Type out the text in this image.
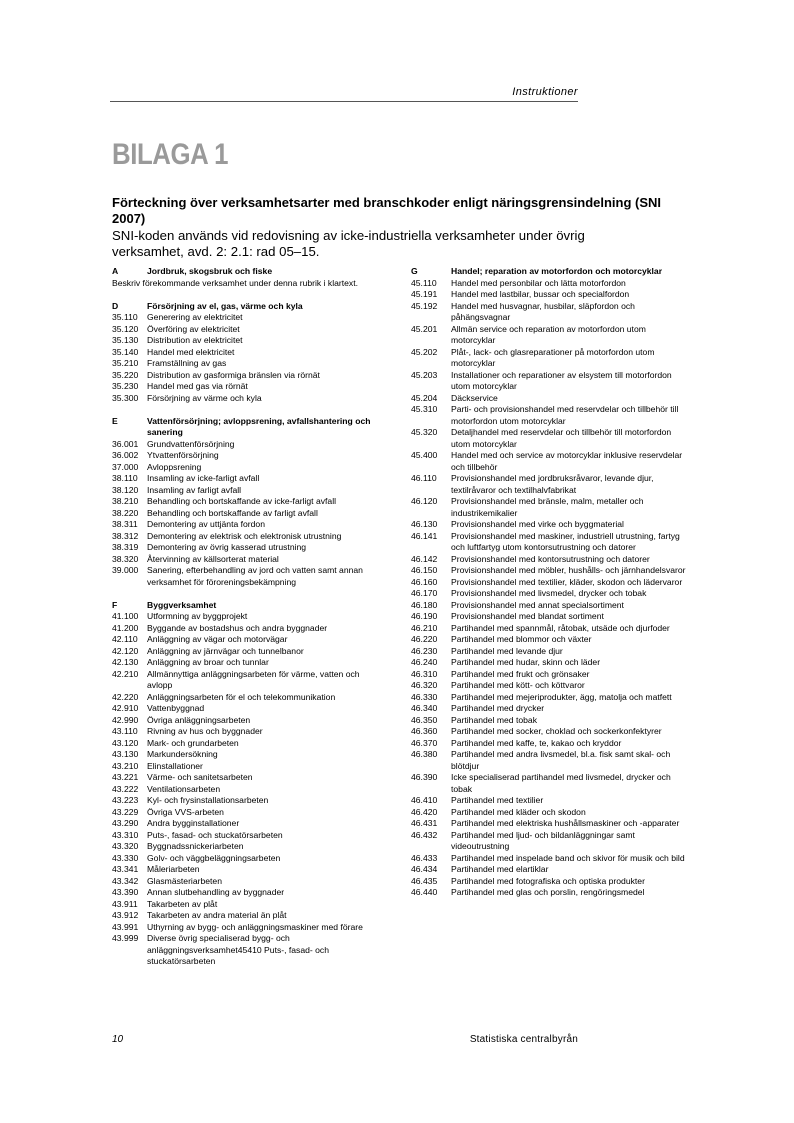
Instruktioner
BILAGA 1
Förteckning över verksamhetsarter med branschkoder enligt näringsgrensindelning (SNI 2007)
SNI-koden används vid redovisning av icke-industriella verksamheter under övrig verksamhet, avd. 2: 2.1: rad 05–15.
A	Jordbruk, skogsbruk och fiske
Beskriv förekommande verksamhet under denna rubrik i klartext.
D	Försörjning av el, gas, värme och kyla
35.110	Generering av elektricitet
35.120	Överföring av elektricitet
35.130	Distribution av elektricitet
35.140	Handel med elektricitet
35.210	Framställning av gas
35.220	Distribution av gasformiga bränslen via rörnät
35.230	Handel med gas via rörnät
35.300	Försörjning av värme och kyla
E	Vattenförsörjning; avloppsrening, avfallshantering och sanering
36.001	Grundvattenförsörjning
36.002	Ytvattenförsörjning
37.000	Avloppsrening
38.110	Insamling av icke-farligt avfall
38.120	Insamling av farligt avfall
38.210	Behandling och bortskaffande av icke-farligt avfall
38.220	Behandling och bortskaffande av farligt avfall
38.311	Demontering av uttjänta fordon
38.312	Demontering av elektrisk och elektronisk utrustning
38.319	Demontering av övrig kasserad utrustning
38.320	Återvinning av källsorterat material
39.000	Sanering, efterbehandling av jord och vatten samt annan verksamhet för föroreningsbekämpning
F	Byggverksamhet
41.100	Utformning av byggprojekt
41.200	Byggande av bostadshus och andra byggnader
42.110	Anläggning av vägar och motorvägar
42.120	Anläggning av järnvägar och tunnelbanor
42.130	Anläggning av broar och tunnlar
42.210	Allmännyttiga anläggningsarbeten för värme, vatten och avlopp
42.220	Anläggningsarbeten för el och telekommunikation
42.910	Vattenbyggnad
42.990	Övriga anläggningsarbeten
43.110	Rivning av hus och byggnader
43.120	Mark- och grundarbeten
43.130	Markundersökning
43.210	Elinstallationer
43.221	Värme- och sanitetsarbeten
43.222	Ventilationsarbeten
43.223	Kyl- och frysinstallationsarbeten
43.229	Övriga VVS-arbeten
43.290	Andra bygginstallationer
43.310	Puts-, fasad- och stuckatörsarbeten
43.320	Byggnadssnickeriarbeten
43.330	Golv- och väggbeläggningsarbeten
43.341	Måleriarbeten
43.342	Glasmästeriarbeten
43.390	Annan slutbehandling av byggnader
43.911	Takarbeten av plåt
43.912	Takarbeten av andra material än plåt
43.991	Uthyrning av bygg- och anläggningsmaskiner med förare
43.999	Diverse övrig specialiserad bygg- och anläggningsverksamhet45410 Puts-, fasad- och stuckatörsarbeten
G	Handel; reparation av motorfordon och motorcyklar
45.110	Handel med personbilar och lätta motorfordon
45.191	Handel med lastbilar, bussar och specialfordon
45.192	Handel med husvagnar, husbilar, släpfordon och påhängsvagnar
45.201	Allmän service och reparation av motorfordon utom motorcyklar
45.202	Plåt-, lack- och glasreparationer på motorfordon utom motorcyklar
45.203	Installationer och reparationer av elsystem till motorfordon utom motorcyklar
45.204	Däckservice
45.310	Parti- och provisionshandel med reservdelar och tillbehör till motorfordon utom motorcyklar
45.320	Detaljhandel med reservdelar och tillbehör till motorfordon utom motorcyklar
45.400	Handel med och service av motorcyklar inklusive reservdelar och tillbehör
46.110	Provisionshandel med jordbruksråvaror, levande djur, textilråvaror och textilhalvfabrikat
46.120	Provisionshandel med bränsle, malm, metaller och industrikemikalier
46.130	Provisionshandel med virke och byggmaterial
46.141	Provisionshandel med maskiner, industriell utrustning, fartyg och luftfartyg utom kontorsutrustning och datorer
46.142	Provisionshandel med kontorsutrustning och datorer
46.150	Provisionshandel med möbler, hushålls- och järnhandelsvaror
46.160	Provisionshandel med textilier, kläder, skodon och lädervaror
46.170	Provisionshandel med livsmedel, drycker och tobak
46.180	Provisionshandel med annat specialsortiment
46.190	Provisionshandel med blandat sortiment
46.210	Partihandel med spannmål, råtobak, utsäde och djurfoder
46.220	Partihandel med blommor och växter
46.230	Partihandel med levande djur
46.240	Partihandel med hudar, skinn och läder
46.310	Partihandel med frukt och grönsaker
46.320	Partihandel med kött- och köttvaror
46.330	Partihandel med mejeriprodukter, ägg, matolja och matfett
46.340	Partihandel med drycker
46.350	Partihandel med tobak
46.360	Partihandel med socker, choklad och sockerkonfektyrer
46.370	Partihandel med kaffe, te, kakao och kryddor
46.380	Partihandel med andra livsmedel, bl.a. fisk samt skal- och blötdjur
46.390	Icke specialiserad partihandel med livsmedel, drycker och tobak
46.410	Partihandel med textilier
46.420	Partihandel med kläder och skodon
46.431	Partihandel med elektriska hushållsmaskiner och -apparater
46.432	Partihandel med ljud- och bildanläggningar samt videoutrustning
46.433	Partihandel med inspelade band och skivor för musik och bild
46.434	Partihandel med elartiklar
46.435	Partihandel med fotografiska och optiska produkter
46.440	Partihandel med glas och porslin, rengöringsmedel
10	Statistiska centralbyrån
